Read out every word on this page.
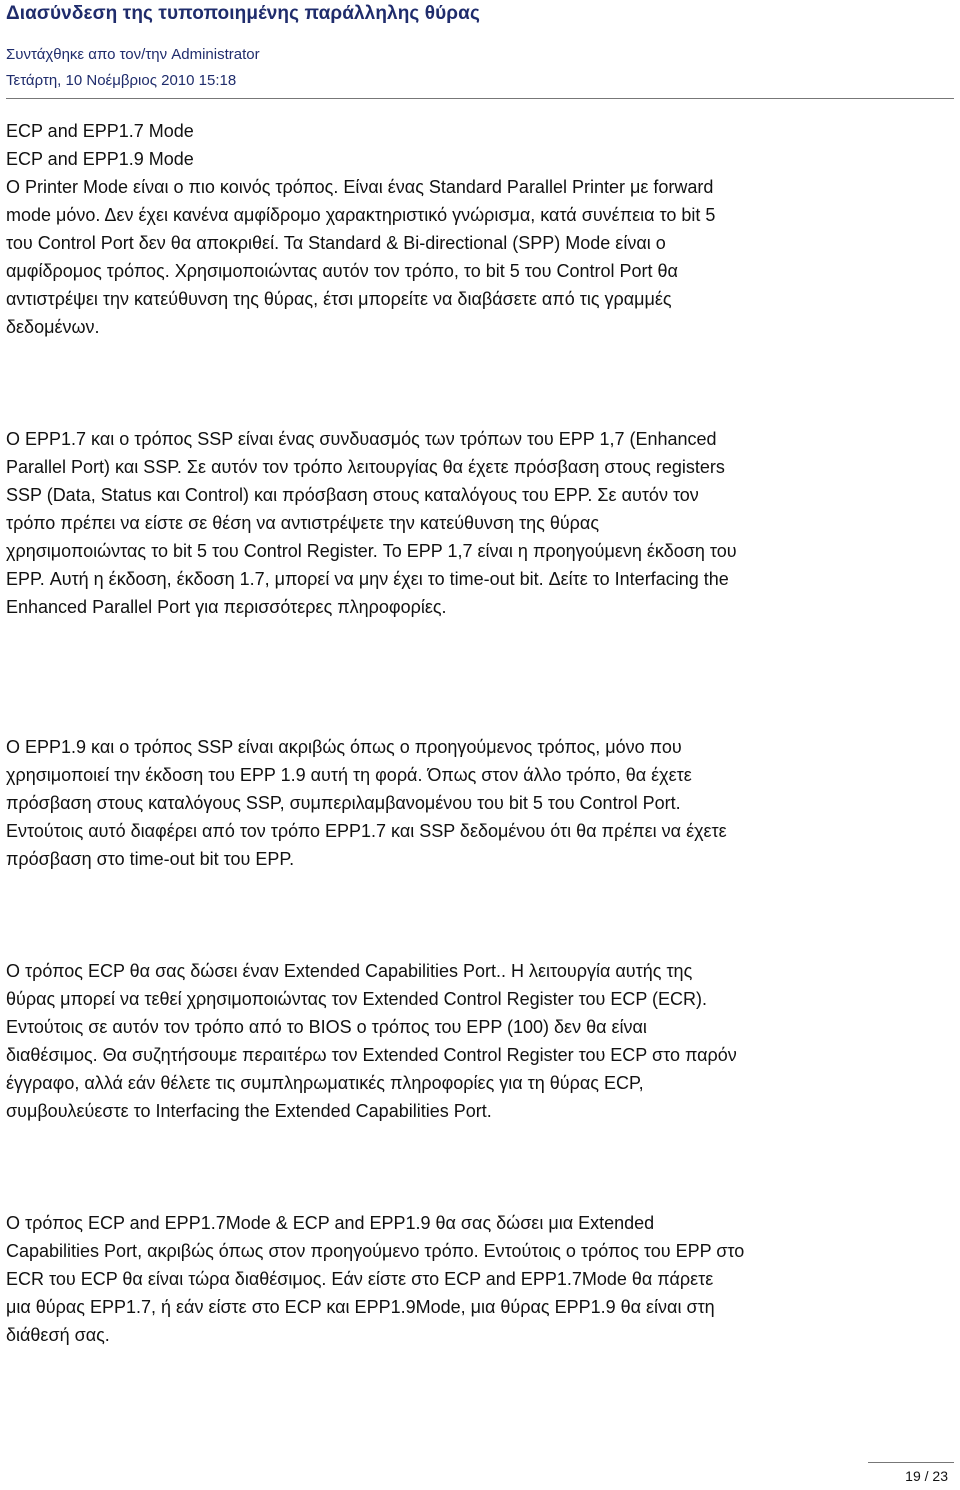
Διασύνδεση της τυποποιημένης παράλληλης θύρας
Συντάχθηκε απο τον/την Administrator
Τετάρτη, 10 Νοέμβριος 2010 15:18
ECP and EPP1.7 Mode
ECP and EPP1.9 Mode
O Printer Mode είναι ο πιο κοινός τρόπος. Είναι ένας Standard Parallel Printer με forward
mode μόνο. Δεν έχει κανένα αμφίδρομο χαρακτηριστικό γνώρισμα, κατά συνέπεια το bit 5
του Control Port δεν θα αποκριθεί. Τα Standard & Bi-directional (SPP) Mode είναι ο
αμφίδρομος τρόπος. Χρησιμοποιώντας αυτόν τον τρόπο, το bit 5 του Control Port θα
αντιστρέψει την κατεύθυνση της θύρας, έτσι μπορείτε να διαβάσετε από τις γραμμές
δεδομένων.
O EPP1.7 και ο τρόπος SSP είναι ένας συνδυασμός των τρόπων του EPP 1,7 (Enhanced
Parallel Port) και SSP. Σε αυτόν τον τρόπο λειτουργίας θα έχετε πρόσβαση στους registers
SSP (Data, Status και Control) και πρόσβαση στους καταλόγους του EPP. Σε αυτόν τον
τρόπο πρέπει να είστε σε θέση να αντιστρέψετε την κατεύθυνση της θύρας
χρησιμοποιώντας το bit 5 του Control Register. Το EPP 1,7 είναι η προηγούμενη έκδοση του
EPP. Αυτή η έκδοση, έκδοση 1.7, μπορεί να μην έχει το time-out bit. Δείτε το Interfacing the
Enhanced Parallel Port για περισσότερες πληροφορίες.
O EPP1.9 και ο τρόπος SSP είναι ακριβώς όπως ο προηγούμενος τρόπος, μόνο που
χρησιμοποιεί την έκδοση του EPP 1.9 αυτή τη φορά. Όπως στον άλλο τρόπο, θα έχετε
πρόσβαση στους καταλόγους SSP, συμπεριλαμβανομένου του bit 5 του Control Port.
Εντούτοις αυτό διαφέρει από τον τρόπο EPP1.7 και SSP δεδομένου ότι θα πρέπει να έχετε
πρόσβαση στο time-out bit του EPP.
O τρόπος ECP θα σας δώσει έναν Extended Capabilities Port.. Η λειτουργία αυτής της
θύρας μπορεί να τεθεί χρησιμοποιώντας τον Extended Control Register του ECP (ECR).
Εντούτοις σε αυτόν τον τρόπο από το BIOS ο τρόπος του EPP (100) δεν θα είναι
διαθέσιμος. Θα συζητήσουμε περαιτέρω τον Extended Control Register του ECP στο παρόν
έγγραφο, αλλά εάν θέλετε τις συμπληρωματικές πληροφορίες για τη θύρας ECP,
συμβουλεύεστε το Interfacing the Extended Capabilities Port.
O τρόπος ECP and EPP1.7Mode & ECP and EPP1.9 θα σας δώσει μια Extended
Capabilities Port, ακριβώς όπως στον προηγούμενο τρόπο. Εντούτοις ο τρόπος του EPP στο
ECR του ECP θα είναι τώρα διαθέσιμος. Εάν είστε στο ECP and EPP1.7Mode θα πάρετε
μια θύρας EPP1.7, ή εάν είστε στο ECP και EPP1.9Mode, μια θύρας EPP1.9 θα είναι στη
διάθεσή σας.
19 / 23
